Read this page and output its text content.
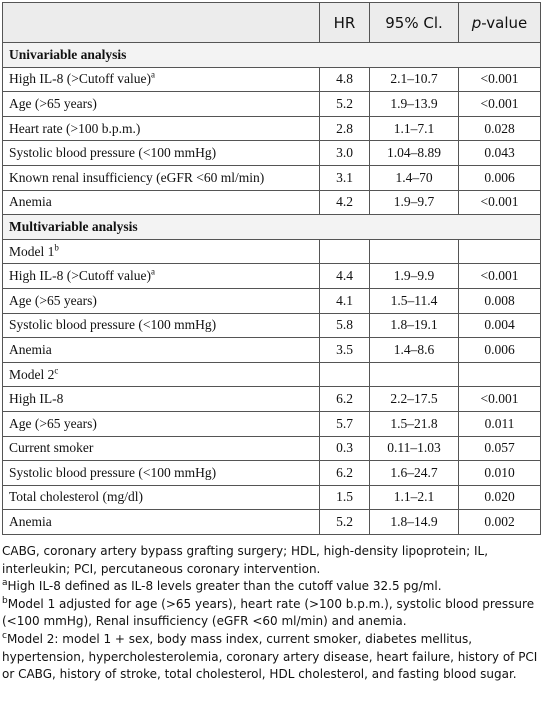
	HR	95% Cl.	p-value
Univariable analysis			
High IL-8 (>Cutoff value)$^a$	4.8	2.1–10.7	<0.001
Age (>65 years)	5.2	1.9–13.9	<0.001
Heart rate (>100 b.p.m.)	2.8	1.1–7.1	0.028
Systolic blood pressure (<100 mmHg)	3.0	1.04–8.89	0.043
Known renal insufficiency (eGFR <60 ml/min)	3.1	1.4–70	0.006
Anemia	4.2	1.9–9.7	<0.001
Multivariable analysis			
Model 1$^b$			
High IL-8 (>Cutoff value)$^a$	4.4	1.9–9.9	<0.001
Age (>65 years)	4.1	1.5–11.4	0.008
Systolic blood pressure (<100 mmHg)	5.8	1.8–19.1	0.004
Anemia	3.5	1.4–8.6	0.006
Model 2$^c$			
High IL-8	6.2	2.2–17.5	<0.001
Age (>65 years)	5.7	1.5–21.8	0.011
Current smoker	0.3	0.11–1.03	0.057
Systolic blood pressure (<100 mmHg)	6.2	1.6–24.7	0.010
Total cholesterol (mg/dl)	1.5	1.1–2.1	0.020
Anemia	5.2	1.8–14.9	0.002

CABG, coronary artery bypass grafting surgery; HDL, high-density lipoprotein; IL, interleukin; PCI, percutaneous coronary intervention.

$^a$High IL-8 defined as IL-8 levels greater than the cutoff value 32.5 pg/ml.

$^b$Model 1 adjusted for age (>65 years), heart rate (>100 b.p.m.), systolic blood pressure (<100 mmHg), Renal insufficiency (eGFR <60 ml/min) and anemia.

$^c$Model 2: model 1 + sex, body mass index, current smoker, diabetes mellitus, hypertension, hypercholesterolemia, coronary artery disease, heart failure, history of PCI or CABG, history of stroke, total cholesterol, HDL cholesterol, and fasting blood sugar.
